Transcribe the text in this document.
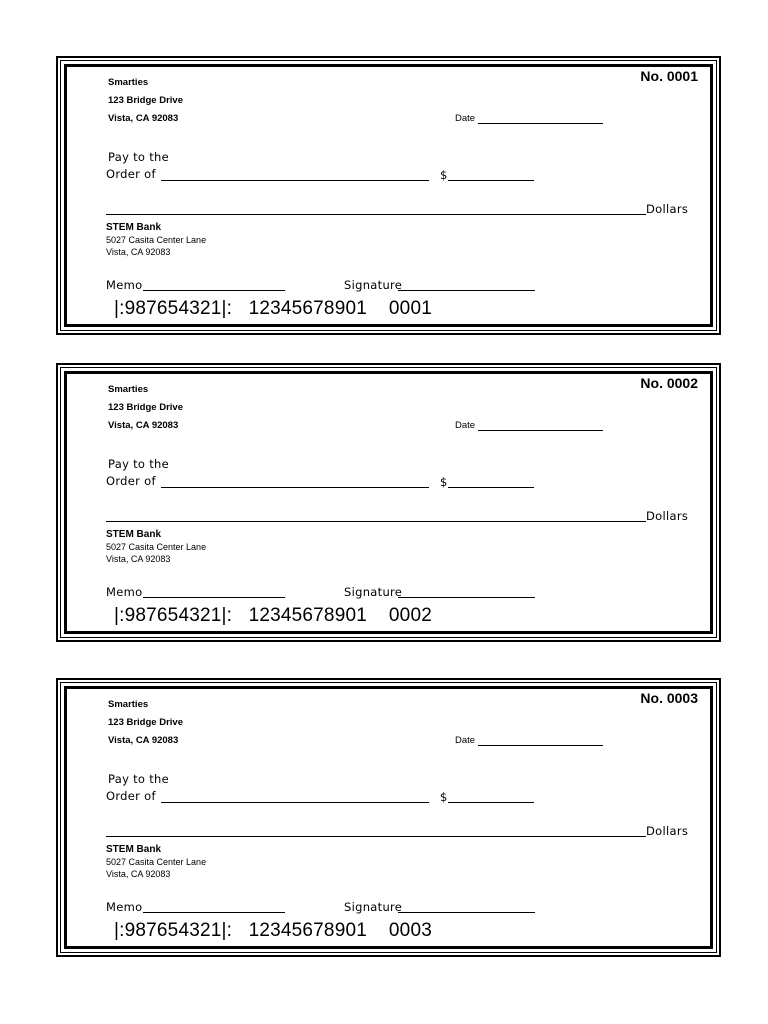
Smarties
123 Bridge Drive
Vista, CA 92083
No. 0001
Date
Pay to the
Order of	$
Dollars
STEM Bank
5027 Casita Center Lane
Vista, CA 92083
Memo	Signature
|:987654321|:   12345678901    0001
Smarties
123 Bridge Drive
Vista, CA 92083
No. 0002
Date
Pay to the
Order of	$
Dollars
STEM Bank
5027 Casita Center Lane
Vista, CA 92083
Memo	Signature
|:987654321|:   12345678901    0002
Smarties
123 Bridge Drive
Vista, CA 92083
No. 0003
Date
Pay to the
Order of	$
Dollars
STEM Bank
5027 Casita Center Lane
Vista, CA 92083
Memo	Signature
|:987654321|:   12345678901    0003
